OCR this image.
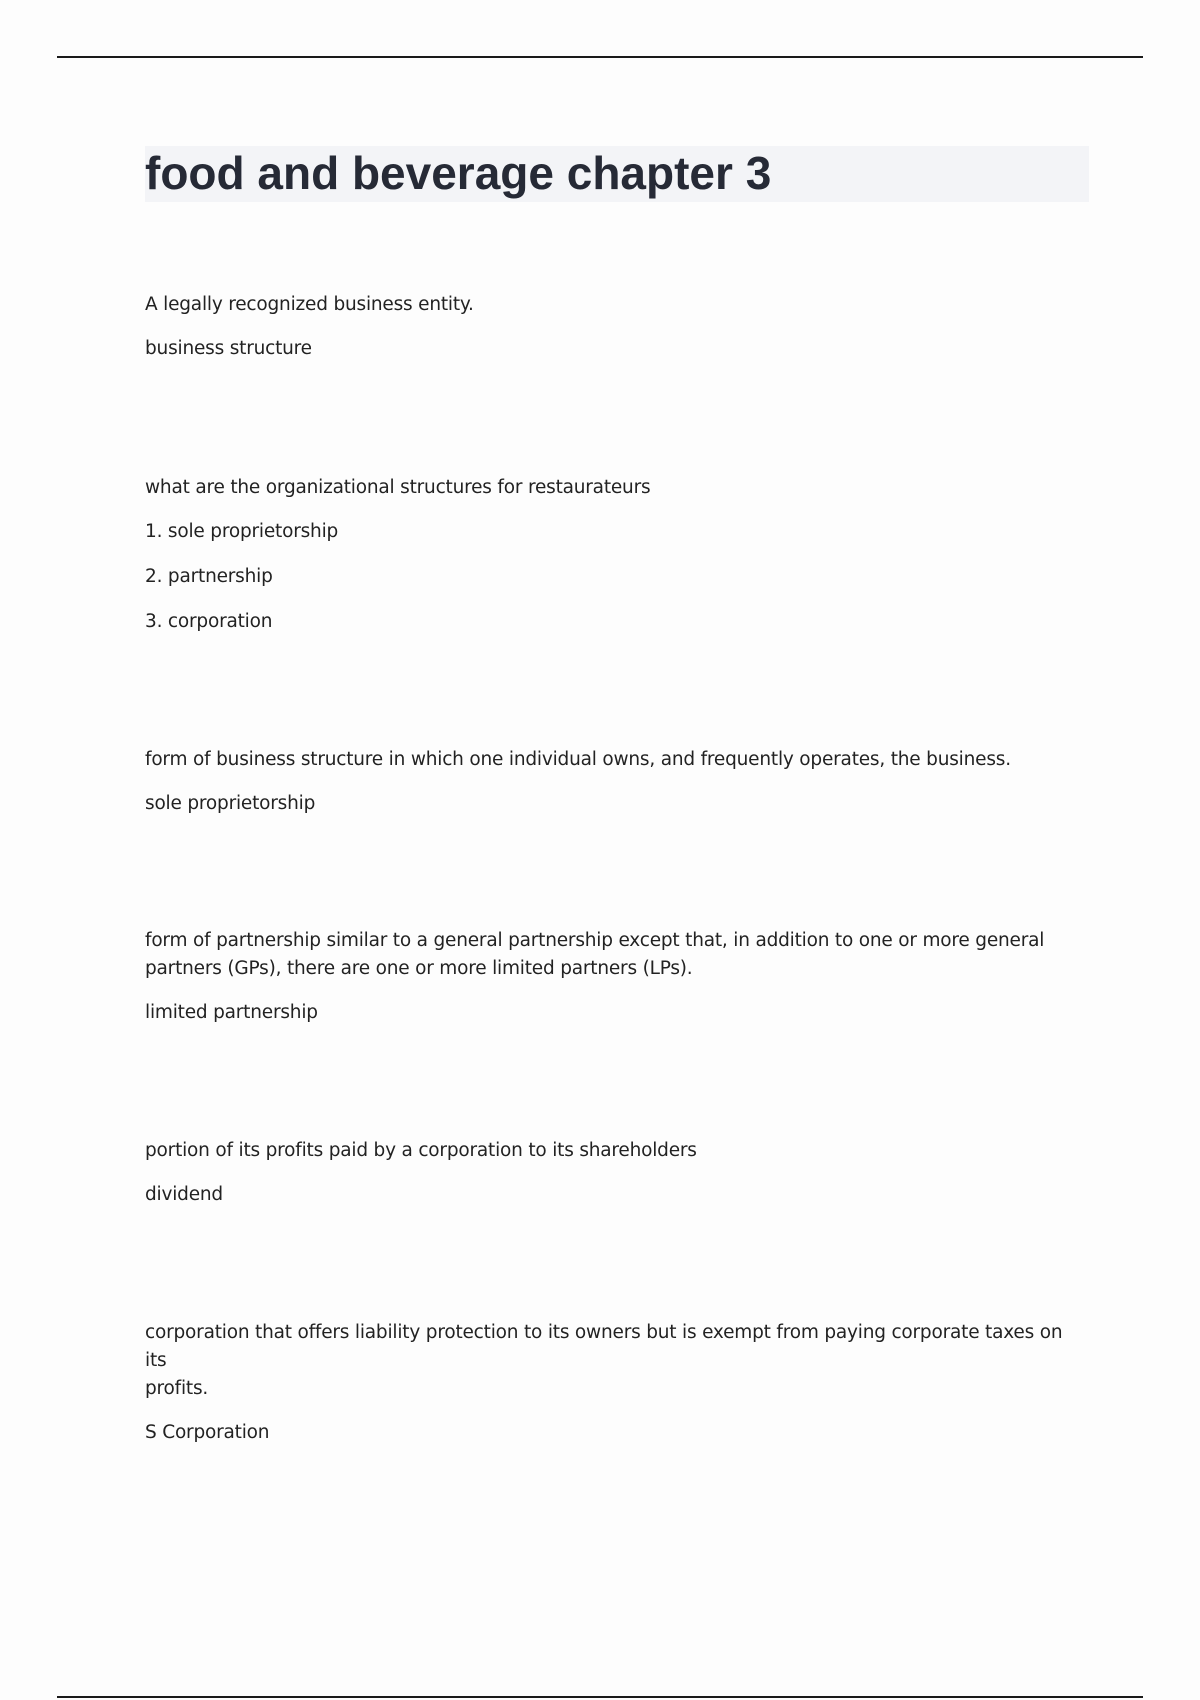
food and beverage chapter 3

A legally recognized business entity.

business structure

what are the organizational structures for restaurateurs

1. sole proprietorship

2. partnership

3. corporation

form of business structure in which one individual owns, and frequently operates, the business.

sole proprietorship

form of partnership similar to a general partnership except that, in addition to one or more general

partners (GPs), there are one or more limited partners (LPs).

limited partnership

portion of its profits paid by a corporation to its shareholders

dividend

corporation that offers liability protection to its owners but is exempt from paying corporate taxes on its

profits.

S Corporation
